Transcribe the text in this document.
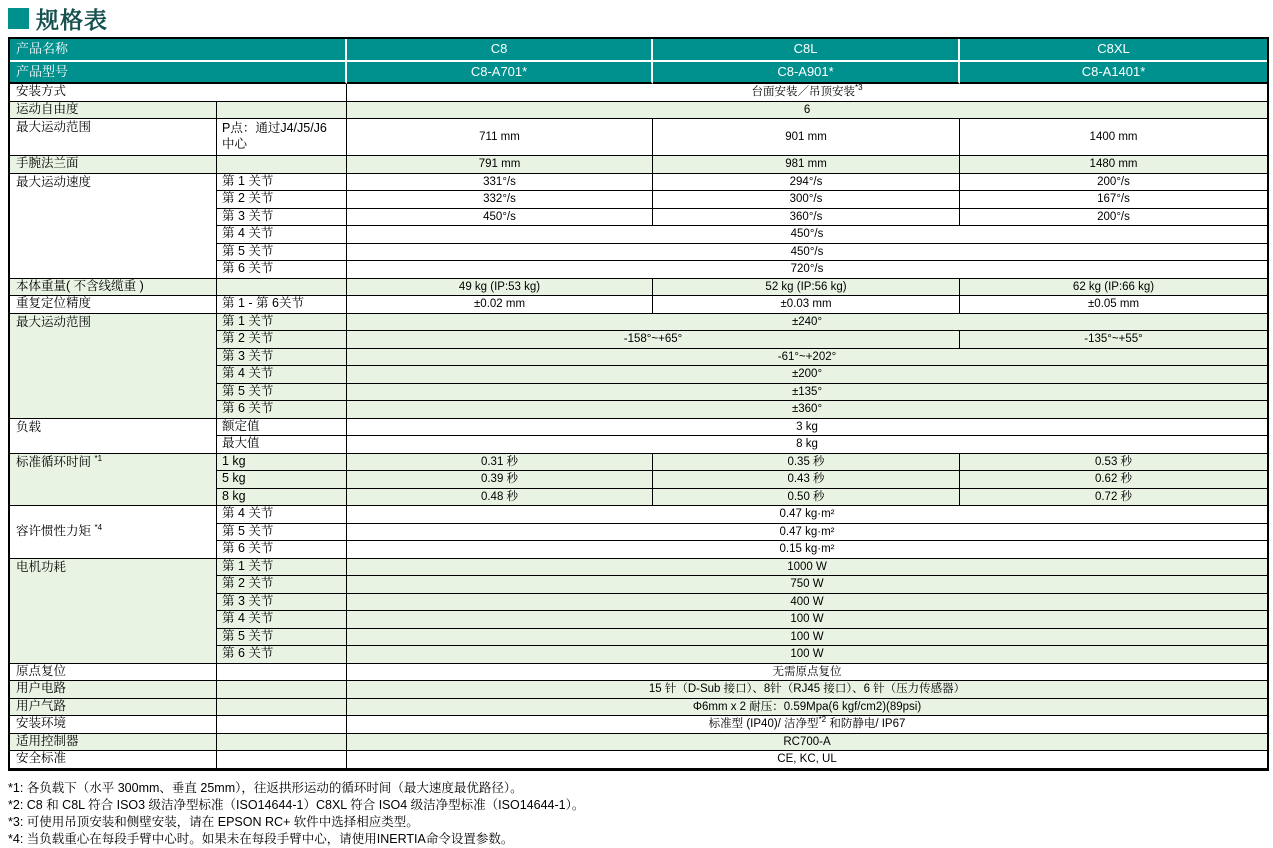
规格表
产品名称		C8	C8L	C8XL
产品型号		C8-A701*	C8-A901*	C8-A1401*
安装方式		台面安装／吊顶安装$^{*3}$
运动自由度		6		
最大运动范围	P点：通过J4/J5/J6 中心	711 mm	901 mm	1400 mm
手腕法兰面		791 mm	981 mm	1480 mm
最大运动速度	第 1 关节	331°/s	294°/s	200°/s
	第 2 关节	332°/s	300°/s	167°/s
	第 3 关节	450°/s	360°/s	200°/s
	第 4 关节	450°/s		
	第 5 关节	450°/s		
	第 6 关节	720°/s		
本体重量( 不含线缆重 )		49 kg (IP:53 kg)	52 kg (IP:56 kg)	62 kg (IP:66 kg)
重复定位精度	第 1 - 第 6关节	±0.02 mm	±0.03 mm	±0.05 mm
最大运动范围	第 1 关节	±240°		
	第 2 关节	-158°~+65°		-135°~+55°
	第 3 关节	-61°~+202°		
	第 4 关节	±200°		
	第 5 关节	±135°		
	第 6 关节	±360°		
负载	额定值	3 kg		
	最大值	8 kg		
标准循环时间 $^{*1}$	1 kg	0.31 秒	0.35 秒	0.53 秒
	5 kg	0.39 秒	0.43 秒	0.62 秒
	8 kg	0.48 秒	0.50 秒	0.72 秒
容许惯性力矩 $^{*4}$	第 4 关节	0.47 kg·m²		
	第 5 关节	0.47 kg·m²		
	第 6 关节	0.15 kg·m²		
电机功耗	第 1 关节	1000 W		
	第 2 关节	750 W		
	第 3 关节	400 W		
	第 4 关节	100 W		
	第 5 关节	100 W		
	第 6 关节	100 W		
原点复位		无需原点复位		
用户电路		15 针（D-Sub 接口）、8针（RJ45 接口）、6 针（压力传感器）		
用户气路		Φ6mm x 2 耐压：0.59Mpa(6 kgf/cm2)(89psi)		
安装环境		标准型 (IP40)/ 洁净型$^{*2}$ 和防静电/ IP67		
适用控制器		RC700-A		
安全标准		CE, KC, UL		
*1: 各负载下（水平 300mm、垂直 25mm），往返拱形运动的循环时间（最大速度最优路径）。
*2: C8 和 C8L 符合 ISO3 级洁净型标准（ISO14644-1）C8XL 符合 ISO4 级洁净型标准（ISO14644-1）。
*3: 可使用吊顶安装和侧壁安装，请在 EPSON RC+ 软件中选择相应类型。
*4: 当负载重心在每段手臂中心时。如果未在每段手臂中心，请使用INERTIA命令设置参数。
